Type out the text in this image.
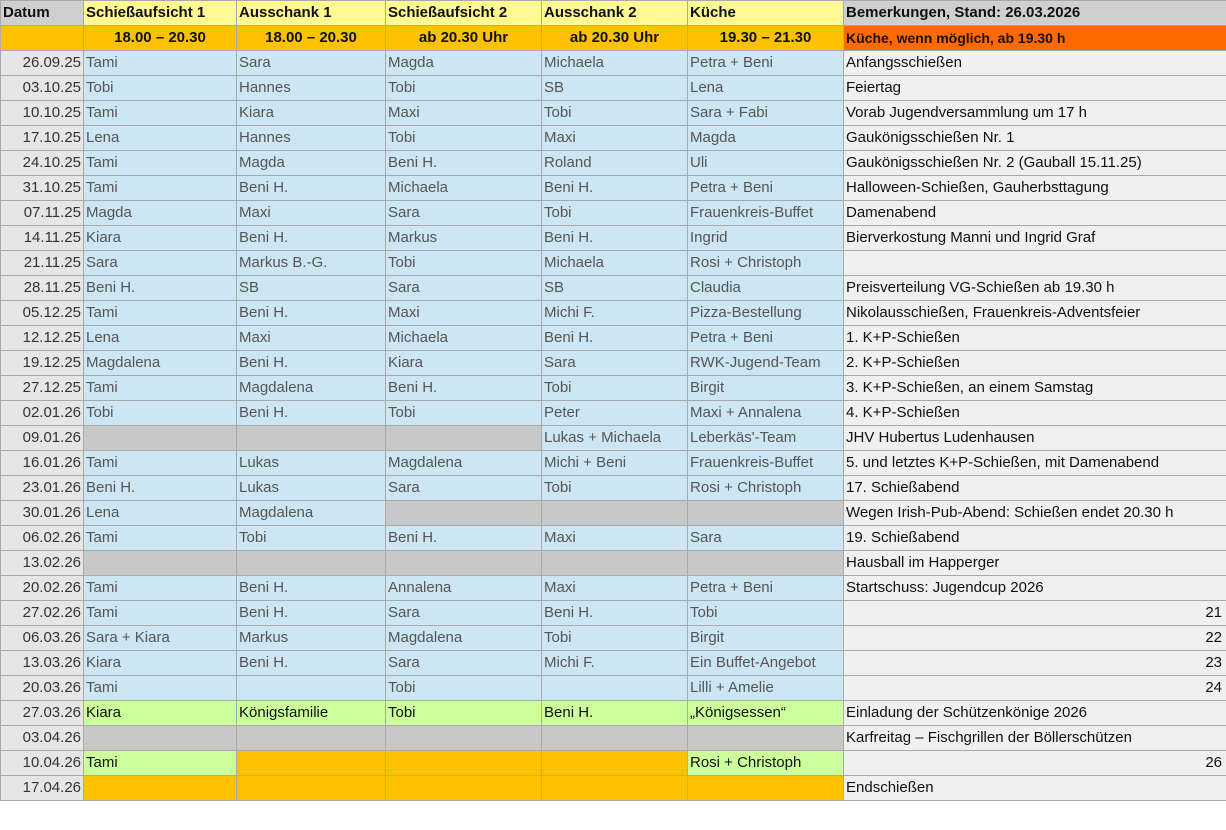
Datum	Schießaufsicht 1	Ausschank 1	Schießaufsicht 2	Ausschank 2	Küche	Bemerkungen, Stand: 26.03.2026
	18.00 – 20.30	18.00 – 20.30	ab 20.30 Uhr	ab 20.30 Uhr	19.30 – 21.30	Küche, wenn möglich, ab 19.30 h
26.09.25	Tami	Sara	Magda	Michaela	Petra + Beni	Anfangsschießen
03.10.25	Tobi	Hannes	Tobi	SB	Lena	Feiertag
10.10.25	Tami	Kiara	Maxi	Tobi	Sara + Fabi	Vorab Jugendversammlung um 17 h
17.10.25	Lena	Hannes	Tobi	Maxi	Magda	Gaukönigsschießen Nr. 1
24.10.25	Tami	Magda	Beni H.	Roland	Uli	Gaukönigsschießen Nr. 2 (Gauball 15.11.25)
31.10.25	Tami	Beni H.	Michaela	Beni H.	Petra + Beni	Halloween-Schießen, Gauherbsttagung
07.11.25	Magda	Maxi	Sara	Tobi	Frauenkreis-Buffet	Damenabend
14.11.25	Kiara	Beni H.	Markus	Beni H.	Ingrid	Bierverkostung Manni und Ingrid Graf
21.11.25	Sara	Markus B.-G.	Tobi	Michaela	Rosi + Christoph	
28.11.25	Beni H.	SB	Sara	SB	Claudia	Preisverteilung VG-Schießen ab 19.30 h
05.12.25	Tami	Beni H.	Maxi	Michi F.	Pizza-Bestellung	Nikolausschießen, Frauenkreis-Adventsfeier
12.12.25	Lena	Maxi	Michaela	Beni H.	Petra + Beni	1. K+P-Schießen
19.12.25	Magdalena	Beni H.	Kiara	Sara	RWK-Jugend-Team	2. K+P-Schießen
27.12.25	Tami	Magdalena	Beni H.	Tobi	Birgit	3. K+P-Schießen, an einem Samstag
02.01.26	Tobi	Beni H.	Tobi	Peter	Maxi + Annalena	4. K+P-Schießen
09.01.26				Lukas + Michaela	Leberkäs'-Team	JHV Hubertus Ludenhausen
16.01.26	Tami	Lukas	Magdalena	Michi + Beni	Frauenkreis-Buffet	5. und letztes K+P-Schießen, mit Damenabend
23.01.26	Beni H.	Lukas	Sara	Tobi	Rosi + Christoph	17. Schießabend
30.01.26	Lena	Magdalena				Wegen Irish-Pub-Abend: Schießen endet 20.30 h
06.02.26	Tami	Tobi	Beni H.	Maxi	Sara	19. Schießabend
13.02.26						Hausball im Happerger
20.02.26	Tami	Beni H.	Annalena	Maxi	Petra + Beni	Startschuss: Jugendcup 2026
27.02.26	Tami	Beni H.	Sara	Beni H.	Tobi	21
06.03.26	Sara + Kiara	Markus	Magdalena	Tobi	Birgit	22
13.03.26	Kiara	Beni H.	Sara	Michi F.	Ein Buffet-Angebot	23
20.03.26	Tami		Tobi		Lilli + Amelie	24
27.03.26	Kiara	Königsfamilie	Tobi	Beni H.	„Königsessen“	Einladung der Schützenkönige 2026
03.04.26						Karfreitag – Fischgrillen der Böllerschützen
10.04.26	Tami				Rosi + Christoph	26
17.04.26						Endschießen
